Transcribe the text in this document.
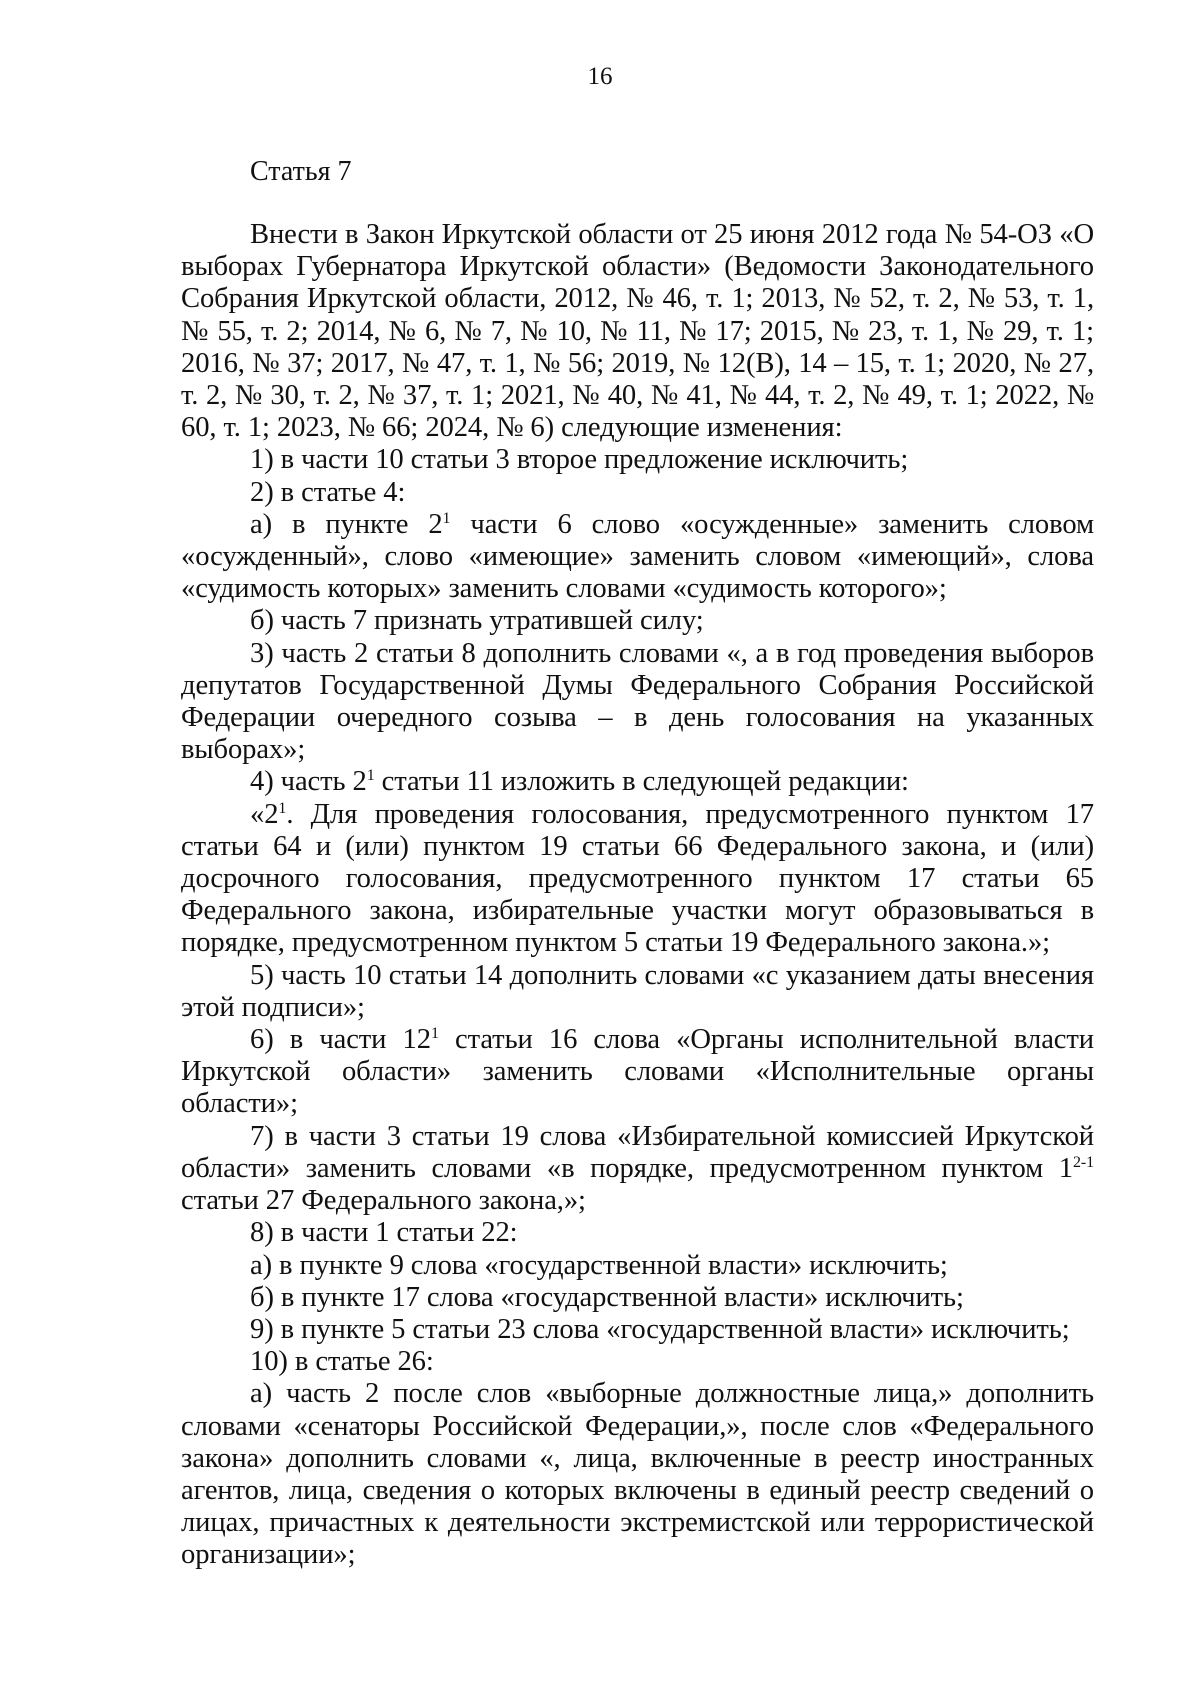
16
Статья 7

Внести в Закон Иркутской области от 25 июня 2012 года № 54-ОЗ «О выборах Губернатора Иркутской области» (Ведомости Законодательного Собрания Иркутской области, 2012, № 46, т. 1; 2013, № 52, т. 2, № 53, т. 1, № 55, т. 2; 2014, № 6, № 7, № 10, № 11, № 17; 2015, № 23, т. 1, № 29, т. 1; 2016, № 37; 2017, № 47, т. 1, № 56; 2019, № 12(В), 14 – 15, т. 1; 2020, № 27, т. 2, № 30, т. 2, № 37, т. 1; 2021, № 40, № 41, № 44, т. 2, № 49, т. 1; 2022, № 60, т. 1; 2023, № 66; 2024, № 6) следующие изменения:

1) в части 10 статьи 3 второе предложение исключить;

2) в статье 4:

а) в пункте $2^1$ части 6 слово «осужденные» заменить словом «осужденный», слово «имеющие» заменить словом «имеющий», слова «судимость которых» заменить словами «судимость которого»;

б) часть 7 признать утратившей силу;

3) часть 2 статьи 8 дополнить словами «, а в год проведения выборов депутатов Государственной Думы Федерального Собрания Российской Федерации очередного созыва – в день голосования на указанных выборах»;

4) часть $2^1$ статьи 11 изложить в следующей редакции:

«$2^1$. Для проведения голосования, предусмотренного пунктом 17 статьи 64 и (или) пунктом 19 статьи 66 Федерального закона, и (или) досрочного голосования, предусмотренного пунктом 17 статьи 65 Федерального закона, избирательные участки могут образовываться в порядке, предусмотренном пунктом 5 статьи 19 Федерального закона.»;

5) часть 10 статьи 14 дополнить словами «с указанием даты внесения этой подписи»;

6) в части $12^1$ статьи 16 слова «Органы исполнительной власти Иркутской области» заменить словами «Исполнительные органы области»;

7) в части 3 статьи 19 слова «Избирательной комиссией Иркутской области» заменить словами «в порядке, предусмотренном пунктом 1$^{2-1}$ статьи 27 Федерального закона,»;

8) в части 1 статьи 22:

а) в пункте 9 слова «государственной власти» исключить;

б) в пункте 17 слова «государственной власти» исключить;

9) в пункте 5 статьи 23 слова «государственной власти» исключить;

10) в статье 26:

а) часть 2 после слов «выборные должностные лица,» дополнить словами «сенаторы Российской Федерации,», после слов «Федерального закона» дополнить словами «, лица, включенные в реестр иностранных агентов, лица, сведения о которых включены в единый реестр сведений о лицах, причастных к деятельности экстремистской или террористической организации»;
